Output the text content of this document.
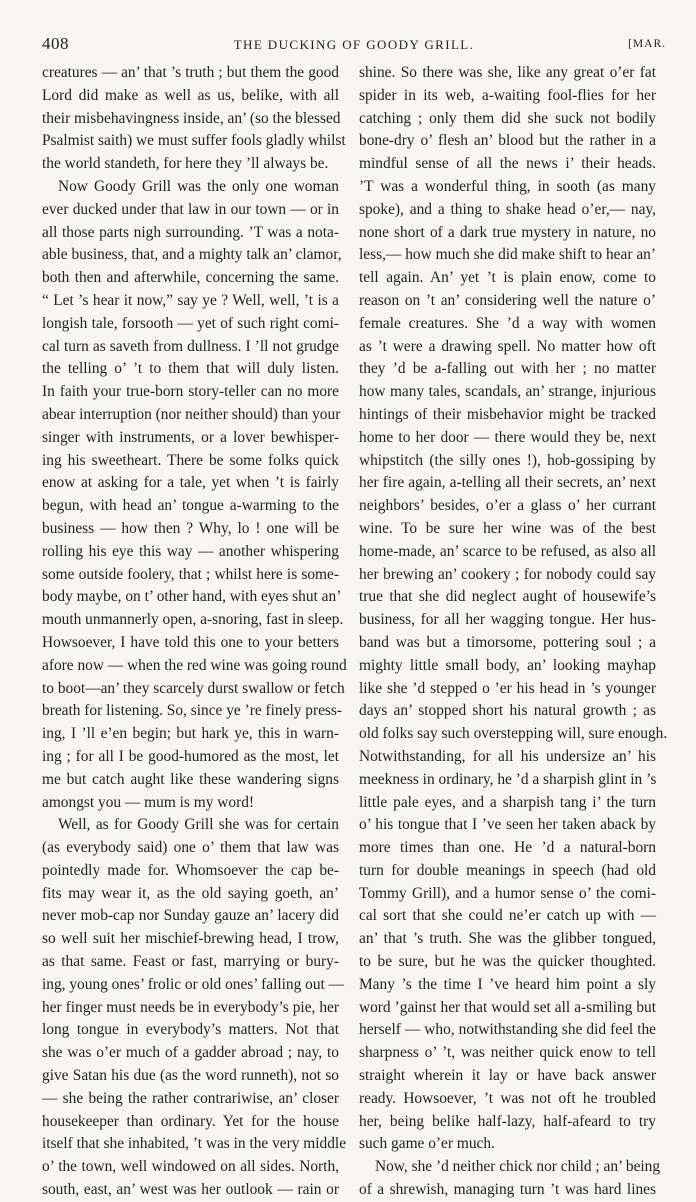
408	THE DUCKING OF GOODY GRILL.	[MAR.
creatures — an’ that ’s truth ; but them the good
Lord did make as well as us, belike, with all
their misbehavingness inside, an’ (so the blessed
Psalmist saith) we must suffer fools gladly whilst
the world standeth, for here they ’ll always be.
Now Goody Grill was the only one woman
ever ducked under that law in our town — or in
all those parts nigh surrounding. ’T was a nota-
able business, that, and a mighty talk an’ clamor,
both then and afterwhile, concerning the same.
“ Let ’s hear it now,” say ye ? Well, well, ’t is a
longish tale, forsooth — yet of such right comi-
cal turn as saveth from dullness. I ’ll not grudge
the telling o’ ’t to them that will duly listen.
In faith your true-born story-teller can no more
abear interruption (nor neither should) than your
singer with instruments, or a lover bewhisper-
ing his sweetheart. There be some folks quick
enow at asking for a tale, yet when ’t is fairly
begun, with head an’ tongue a-warming to the
business — how then ? Why, lo ! one will be
rolling his eye this way — another whispering
some outside foolery, that ; whilst here is some-
body maybe, on t’ other hand, with eyes shut an’
mouth unmannerly open, a-snoring, fast in sleep.
Howsoever, I have told this one to your betters
afore now — when the red wine was going round
to boot—an’ they scarcely durst swallow or fetch
breath for listening. So, since ye ’re finely press-
ing, I ’ll e’en begin; but hark ye, this in warn-
ing ; for all I be good-humored as the most, let
me but catch aught like these wandering signs
amongst you — mum is my word!
Well, as for Goody Grill she was for certain
(as everybody said) one o’ them that law was
pointedly made for. Whomsoever the cap be-
fits may wear it, as the old saying goeth, an’
never mob-cap nor Sunday gauze an’ lacery did
so well suit her mischief-brewing head, I trow,
as that same. Feast or fast, marrying or bury-
ing, young ones’ frolic or old ones’ falling out —
her finger must needs be in everybody’s pie, her
long tongue in everybody’s matters. Not that
she was o’er much of a gadder abroad ; nay, to
give Satan his due (as the word runneth), not so
— she being the rather contrariwise, an’ closer
housekeeper than ordinary. Yet for the house
itself that she inhabited, ’t was in the very middle
o’ the town, well windowed on all sides. North,
south, east, an’ west was her outlook — rain or
shine. So there was she, like any great o’er fat
spider in its web, a-waiting fool-flies for her
catching ; only them did she suck not bodily
bone-dry o’ flesh an’ blood but the rather in a
mindful sense of all the news i’ their heads.
’T was a wonderful thing, in sooth (as many
spoke), and a thing to shake head o’er,— nay,
none short of a dark true mystery in nature, no
less,— how much she did make shift to hear an’
tell again. An’ yet ’t is plain enow, come to
reason on ’t an’ considering well the nature o’
female creatures. She ’d a way with women
as ’t were a drawing spell. No matter how oft
they ’d be a-falling out with her ; no matter
how many tales, scandals, an’ strange, injurious
hintings of their misbehavior might be tracked
home to her door — there would they be, next
whipstitch (the silly ones !), hob-gossiping by
her fire again, a-telling all their secrets, an’ next
neighbors’ besides, o’er a glass o’ her currant
wine. To be sure her wine was of the best
home-made, an’ scarce to be refused, as also all
her brewing an’ cookery ; for nobody could say
true that she did neglect aught of housewife’s
business, for all her wagging tongue. Her hus-
band was but a timorsome, pottering soul ; a
mighty little small body, an’ looking mayhap
like she ’d stepped o ’er his head in ’s younger
days an’ stopped short his natural growth ; as
old folks say such overstepping will, sure enough.
Notwithstanding, for all his undersize an’ his
meekness in ordinary, he ’d a sharpish glint in ’s
little pale eyes, and a sharpish tang i’ the turn
o’ his tongue that I ’ve seen her taken aback by
more times than one. He ’d a natural-born
turn for double meanings in speech (had old
Tommy Grill), and a humor sense o’ the comi-
cal sort that she could ne’er catch up with —
an’ that ’s truth. She was the glibber tongued,
to be sure, but he was the quicker thoughted.
Many ’s the time I ’ve heard him point a sly
word ’gainst her that would set all a-smiling but
herself — who, notwithstanding she did feel the
sharpness o’ ’t, was neither quick enow to tell
straight wherein it lay or have back answer
ready. Howsoever, ’t was not oft he troubled
her, being belike half-lazy, half-afeard to try
such game o’er much.
Now, she ’d neither chick nor child ; an’ being
of a shrewish, managing turn ’t was hard lines
